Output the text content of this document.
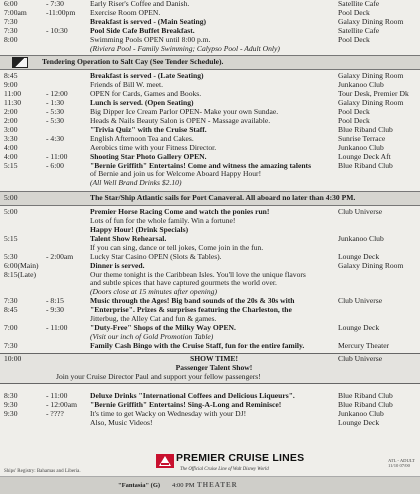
6:00	- 7:30	Early Riser's Coffee and Danish.	Satellite Cafe
7:00am	-11:00pm	Exercise Room OPEN.	Pool Deck
7:30	Breakfast is served - (Main Seating)	Galaxy Dining Room
7:30	- 10:30	Pool Side Cafe Buffet Breakfast.	Satellite Cafe
8:00	Swimming Pools OPEN until 8:00 p.m.	Pool Deck
(Riviera Pool - Family Swimming; Calypso Pool - Adult Only)
Tendering Operation to Salt Cay (See Tender Schedule).
8:45	Breakfast is served - (Late Seating)	Galaxy Dining Room
9:00	Friends of Bill W. meet.	Junkanoo Club
11:00	- 12:00	OPEN for Cards, Games and Books.	Tour Desk, Premier Dk
11:30	- 1:30	Lunch is served. (Open Seating)	Galaxy Dining Room
2:00	- 5:30	Big Dipper Ice Cream Parlor OPEN- Make your own Sundae.	Pool Deck
2:00	- 5:30	Heads & Nails Beauty Salon is OPEN - Massage available.	Pool Deck
3:00	"Trivia Quiz" with the Cruise Staff.	Blue Riband Club
3:30	- 4:30	English Afternoon Tea and Cakes.	Sunrise Terrace
4:00	Aerobics time with your Fitness Director.	Junkanoo Club
4:00	- 11:00	Shooting Star Photo Gallery OPEN.	Lounge Deck Aft
5:15	- 6:00	"Bernie Griffith" Entertains! Come and witness the amazing talents	Blue Riband Club
of Bernie and join us for Welcome Aboard Happy Hour!
(All Well Brand Drinks $2.10)
5:00	The Star/Ship Atlantic sails for Port Canaveral. All aboard no later than 4:30 PM.
5:00	Premier Horse Racing Come and watch the ponies run!	Club Universe
Lots of fun for the whole family. Win a fortune!
Happy Hour! (Drink Specials)
5:15	Talent Show Rehearsal.	Junkanoo Club
If you can sing, dance or tell jokes, Come join in the fun.
5:30	- 2:00am	Lucky Star Casino OPEN (Slots & Tables).	Lounge Deck
6:00(Main)	Dinner is served.	Galaxy Dining Room
8:15(Late)	Our theme tonight is the Caribbean Isles. You'll love the unique flavors
and subtle spices that have captured gourmets the world over.
(Doors close at 15 minutes after opening)
7:30	- 8:15	Music through the Ages! Big band sounds of the 20s & 30s with	Club Universe
8:45	- 9:30	"Enterprise". Prizes & surprises featuring the Charleston, the
Jitterbug, the Alley Cat and fun & games.
7:00	- 11:00	"Duty-Free" Shops of the Milky Way OPEN.	Lounge Deck
(Visit our inch of Gold Promotion Table)
7:30	Family Cash Bingo with the Cruise Staff, fun for the entire family.	Mercury Theater
10:00	SHOW TIME!	Club Universe
Passenger Talent Show!
Join your Cruise Director Paul and support your fellow passengers!
8:30	- 11:00	Deluxe Drinks "International Coffees and Delicious Liqueurs".	Blue Riband Club
9:30	- 12:00am	"Bernie Griffith" Entertains! Sing-A-Long and Reminisce!	Blue Riband Club
9:30	- ????	It's time to get Wacky on Wednesday with your DJ!	Junkanoo Club
Also, Music Videos!	Lounge Deck
PREMIER CRUISE LINES
The Official Cruise Line of Walt Disney World
ATL - ADULT
11/10 07/00
Ships' Registry: Bahamas and Liberia.
"Fantasia" (G) 4:00 PM THEATER
